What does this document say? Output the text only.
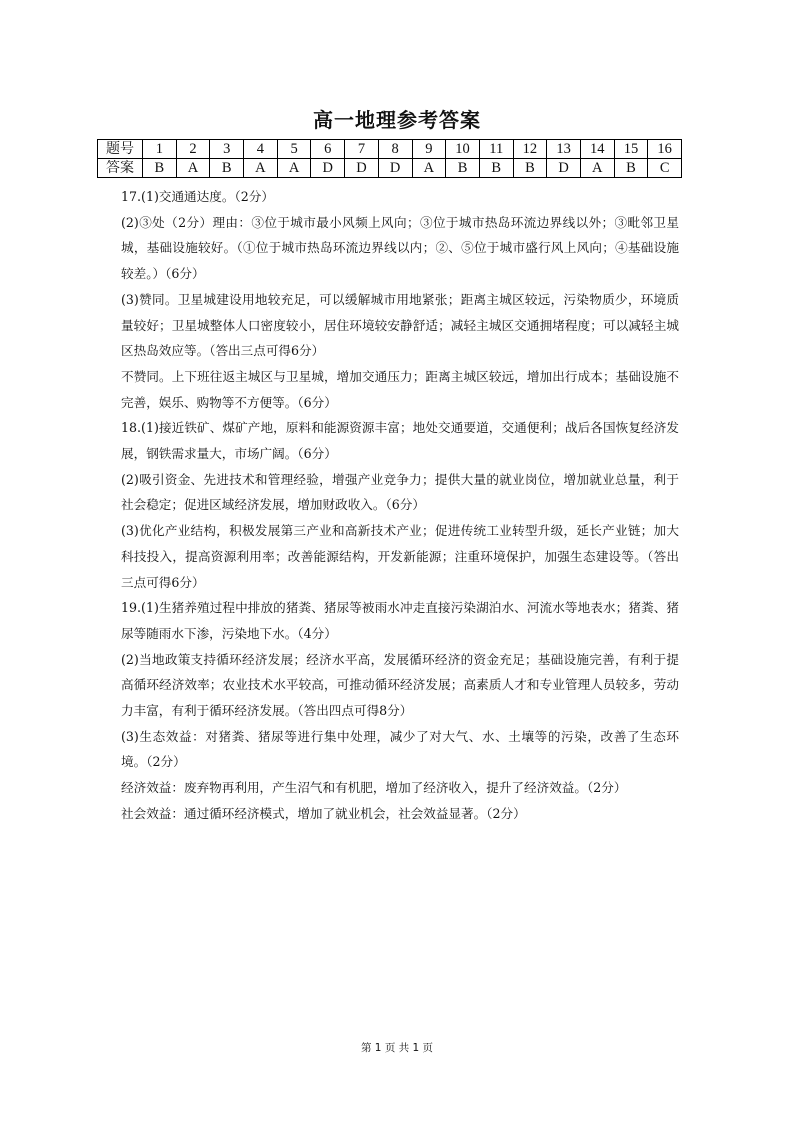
高一地理参考答案
题号	1	2	3	4	5	6	7	8	9	10	11	12	13	14	15	16
答案	B	A	B	A	A	D	D	D	A	B	B	B	D	A	B	C

17.(1)交通通达度。（2分）

(2)③处（2分）理由：③位于城市最小风频上风向；③位于城市热岛环流边界线以外；③毗邻卫星城，基础设施较好。（①位于城市热岛环流边界线以内；②、⑤位于城市盛行风上风向；④基础设施较差。）（6分）

(3)赞同。卫星城建设用地较充足，可以缓解城市用地紧张；距离主城区较远，污染物质少，环境质量较好；卫星城整体人口密度较小，居住环境较安静舒适；减轻主城区交通拥堵程度；可以减轻主城区热岛效应等。（答出三点可得6分）

不赞同。上下班往返主城区与卫星城，增加交通压力；距离主城区较远，增加出行成本；基础设施不完善，娱乐、购物等不方便等。（6分）

18.(1)接近铁矿、煤矿产地，原料和能源资源丰富；地处交通要道，交通便利；战后各国恢复经济发展，钢铁需求量大，市场广阔。（6分）

(2)吸引资金、先进技术和管理经验，增强产业竞争力；提供大量的就业岗位，增加就业总量，利于社会稳定；促进区域经济发展，增加财政收入。（6分）

(3)优化产业结构，积极发展第三产业和高新技术产业；促进传统工业转型升级，延长产业链；加大科技投入，提高资源利用率；改善能源结构，开发新能源；注重环境保护，加强生态建设等。（答出三点可得6分）

19.(1)生猪养殖过程中排放的猪粪、猪尿等被雨水冲走直接污染湖泊水、河流水等地表水；猪粪、猪尿等随雨水下渗，污染地下水。（4分）

(2)当地政策支持循环经济发展；经济水平高，发展循环经济的资金充足；基础设施完善，有利于提高循环经济效率；农业技术水平较高，可推动循环经济发展；高素质人才和专业管理人员较多，劳动力丰富，有利于循环经济发展。（答出四点可得8分）

(3)生态效益：对猪粪、猪尿等进行集中处理，减少了对大气、水、土壤等的污染，改善了生态环境。（2分）

经济效益：废弃物再利用，产生沼气和有机肥，增加了经济收入，提升了经济效益。（2分）

社会效益：通过循环经济模式，增加了就业机会，社会效益显著。（2分）

第 1 页 共 1 页
